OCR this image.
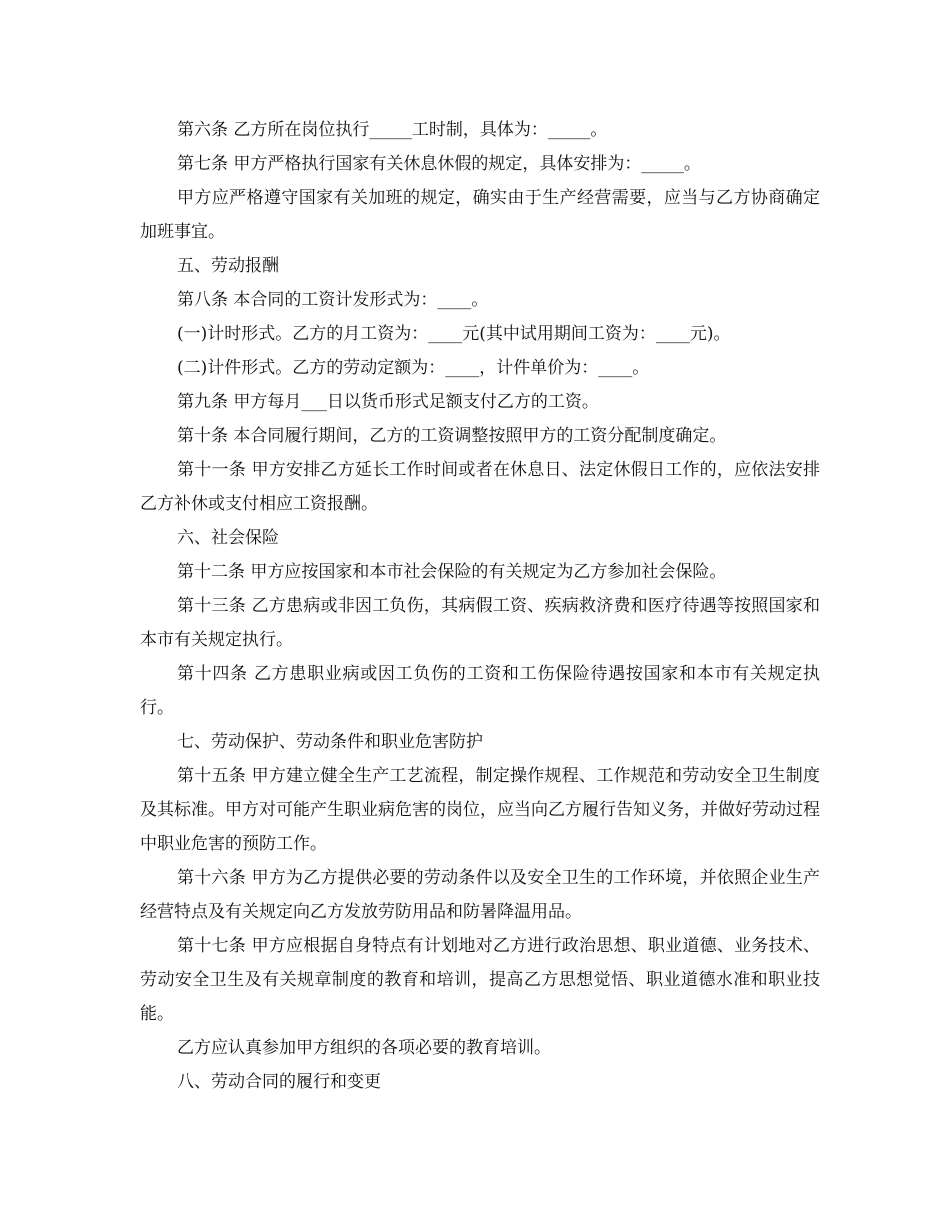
第六条 乙方所在岗位执行_____工时制，具体为：_____。

第七条 甲方严格执行国家有关休息休假的规定，具体安排为：_____。

甲方应严格遵守国家有关加班的规定，确实由于生产经营需要，应当与乙方协商确定加班事宜。

五、劳动报酬

第八条 本合同的工资计发形式为：____。

(一)计时形式。乙方的月工资为：____元(其中试用期间工资为：____元)。

(二)计件形式。乙方的劳动定额为：____，计件单价为：____。

第九条 甲方每月___日以货币形式足额支付乙方的工资。

第十条 本合同履行期间，乙方的工资调整按照甲方的工资分配制度确定。

第十一条 甲方安排乙方延长工作时间或者在休息日、法定休假日工作的，应依法安排乙方补休或支付相应工资报酬。

六、社会保险

第十二条 甲方应按国家和本市社会保险的有关规定为乙方参加社会保险。

第十三条 乙方患病或非因工负伤，其病假工资、疾病救济费和医疗待遇等按照国家和本市有关规定执行。

第十四条 乙方患职业病或因工负伤的工资和工伤保险待遇按国家和本市有关规定执行。

七、劳动保护、劳动条件和职业危害防护

第十五条 甲方建立健全生产工艺流程，制定操作规程、工作规范和劳动安全卫生制度及其标准。甲方对可能产生职业病危害的岗位，应当向乙方履行告知义务，并做好劳动过程中职业危害的预防工作。

第十六条 甲方为乙方提供必要的劳动条件以及安全卫生的工作环境，并依照企业生产经营特点及有关规定向乙方发放劳防用品和防暑降温用品。

第十七条 甲方应根据自身特点有计划地对乙方进行政治思想、职业道德、业务技术、劳动安全卫生及有关规章制度的教育和培训，提高乙方思想觉悟、职业道德水准和职业技能。

乙方应认真参加甲方组织的各项必要的教育培训。

八、劳动合同的履行和变更
